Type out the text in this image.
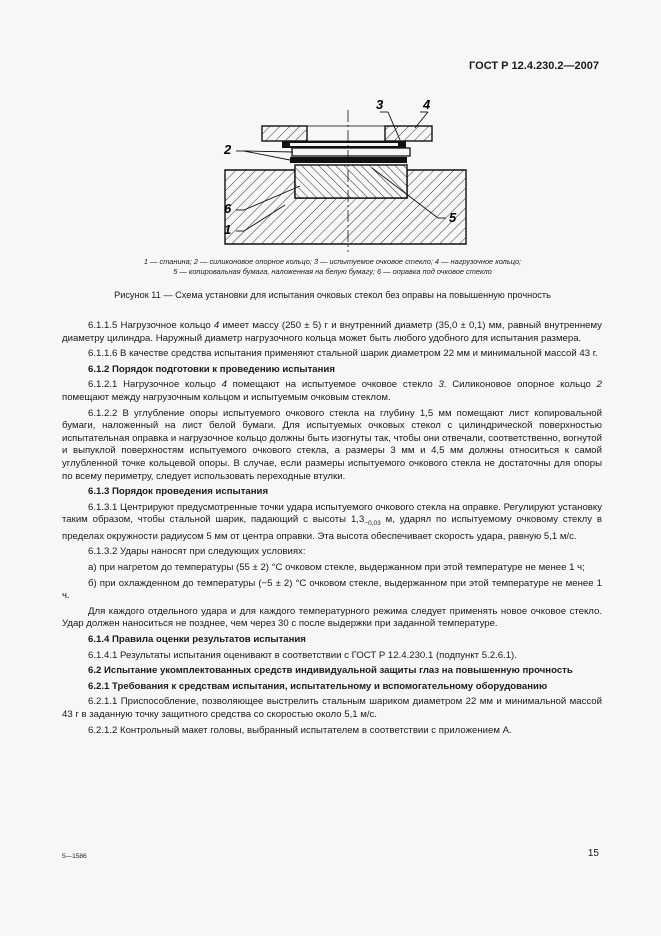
ГОСТ Р 12.4.230.2—2007
3	4
2
6
1
5
1 — станина; 2 — силиконовое опорное кольцо; 3 — испытуемое очковое стекло; 4 — нагрузочное кольцо;
5 — копировальная бумага, наложенная на белую бумагу; 6 — оправка под очковое стекло
Рисунок 11 — Схема установки для испытания очковых стекол без оправы на повышенную прочность

6.1.1.5 Нагрузочное кольцо 4 имеет массу (250 ± 5) г и внутренний диаметр (35,0 ± 0,1) мм, равный внутреннему диаметру цилиндра. Наружный диаметр нагрузочного кольца может быть любого удобного для испытания размера.

6.1.1.6 В качестве средства испытания применяют стальной шарик диаметром 22 мм и минимальной массой 43 г.

6.1.2 Порядок подготовки к проведению испытания

6.1.2.1 Нагрузочное кольцо 4 помещают на испытуемое очковое стекло 3. Силиконовое опорное кольцо 2 помещают между нагрузочным кольцом и испытуемым очковым стеклом.

6.1.2.2 В углубление опоры испытуемого очкового стекла на глубину 1,5 мм помещают лист копировальной бумаги, наложенный на лист белой бумаги. Для испытуемых очковых стекол с цилиндрической поверхностью испытательная оправка и нагрузочное кольцо должны быть изогнуты так, чтобы они отвечали, соответственно, вогнутой и выпуклой поверхностям испытуемого очкового стекла, а размеры 3 мм и 4,5 мм должны относиться к самой углубленной точке кольцевой опоры. В случае, если размеры испытуемого очкового стекла не достаточны для опоры по всему периметру, следует использовать переходные втулки.

6.1.3 Порядок проведения испытания

6.1.3.1 Центрируют предусмотренные точки удара испытуемого очкового стекла на оправке. Регулируют установку таким образом, чтобы стальной шарик, падающий с высоты $1,3_{-0,03}$ м, ударял по испытуемому очковому стеклу в пределах окружности радиусом 5 мм от центра оправки. Эта высота обеспечивает скорость удара, равную 5,1 м/с.

6.1.3.2 Удары наносят при следующих условиях:

а) при нагретом до температуры (55 ± 2) °С очковом стекле, выдержанном при этой температуре не менее 1 ч;

б) при охлажденном до температуры (−5 ± 2) °С очковом стекле, выдержанном при этой температуре не менее 1 ч.

Для каждого отдельного удара и для каждого температурного режима следует применять новое очковое стекло. Удар должен наноситься не позднее, чем через 30 с после выдержки при заданной температуре.

6.1.4 Правила оценки результатов испытания

6.1.4.1 Результаты испытания оценивают в соответствии с ГОСТ Р 12.4.230.1 (подпункт 5.2.6.1).

6.2 Испытание укомплектованных средств индивидуальной защиты глаз на повышенную прочность

6.2.1 Требования к средствам испытания, испытательному и вспомогательному оборудованию

6.2.1.1 Приспособление, позволяющее выстрелить стальным шариком диаметром 22 мм и минимальной массой 43 г в заданную точку защитного средства со скоростью около 5,1 м/с.

6.2.1.2 Контрольный макет головы, выбранный испытателем в соответствии с приложением А.

5—1586	15
